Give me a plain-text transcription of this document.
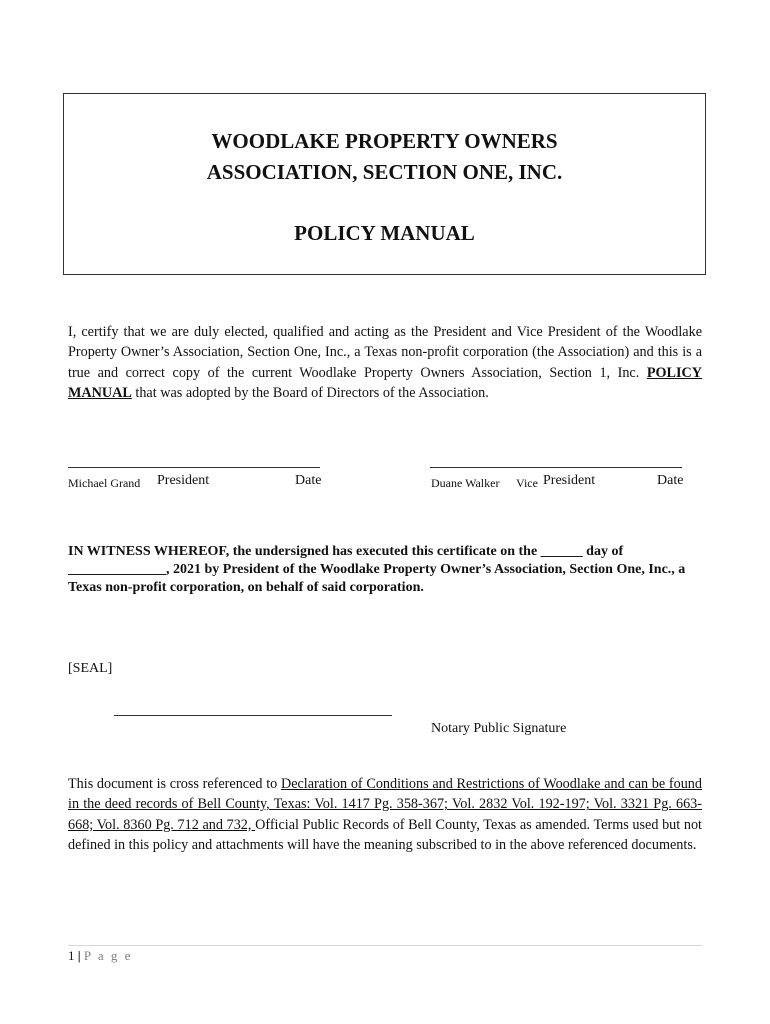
WOODLAKE PROPERTY OWNERS
ASSOCIATION, SECTION ONE, INC.
POLICY MANUAL
I, certify that we are duly elected, qualified and acting as the President and Vice President of the Woodlake Property Owner’s Association, Section One, Inc., a Texas non-profit corporation (the Association) and this is a true and correct copy of the current Woodlake Property Owners Association, Section 1, Inc. POLICY MANUAL that was adopted by the Board of Directors of the Association.
Michael Grand President	Date	Duane Walker Vice President	Date
IN WITNESS WHEREOF, the undersigned has executed this certificate on the ______ day of ______________, 2021 by President of the Woodlake Property Owner’s Association, Section One, Inc., a Texas non-profit corporation, on behalf of said corporation.
[SEAL]
Notary Public Signature
This document is cross referenced to Declaration of Conditions and Restrictions of Woodlake and can be found in the deed records of Bell County, Texas: Vol. 1417 Pg. 358-367; Vol. 2832 Vol. 192-197; Vol. 3321 Pg. 663-668; Vol. 8360 Pg. 712 and 732, Official Public Records of Bell County, Texas as amended. Terms used but not defined in this policy and attachments will have the meaning subscribed to in the above referenced documents.
1 | P a g e
